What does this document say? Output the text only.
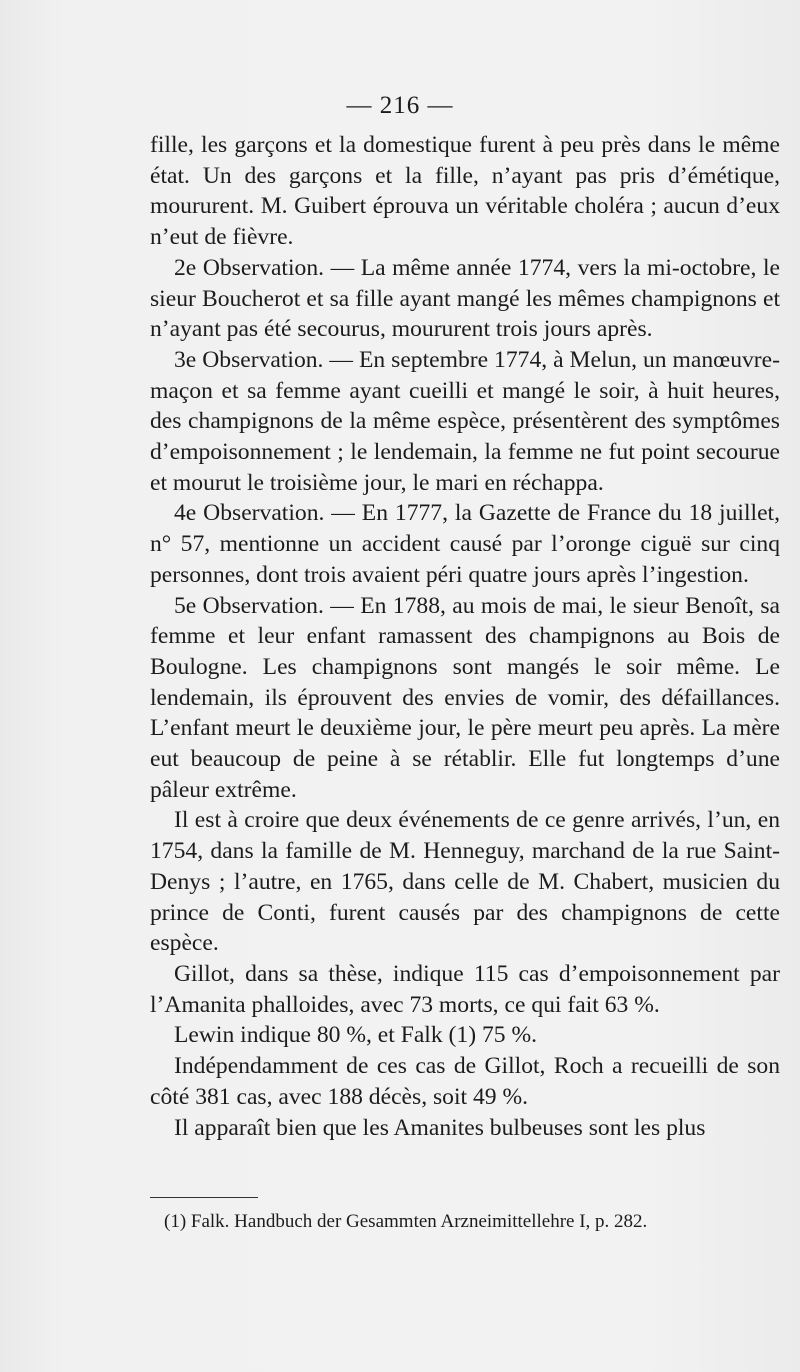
— 216 —

fille, les garçons et la domestique furent à peu près dans le même état. Un des garçons et la fille, n’ayant pas pris d’émétique, moururent. M. Guibert éprouva un véritable choléra ; aucun d’eux n’eut de fièvre.

2e Observation. — La même année 1774, vers la mi-octobre, le sieur Boucherot et sa fille ayant mangé les mêmes champignons et n’ayant pas été secourus, moururent trois jours après.

3e Observation. — En septembre 1774, à Melun, un manœuvre-maçon et sa femme ayant cueilli et mangé le soir, à huit heures, des champignons de la même espèce, présentèrent des symptômes d’empoisonnement ; le lendemain, la femme ne fut point secourue et mourut le troisième jour, le mari en réchappa.

4e Observation. — En 1777, la Gazette de France du 18 juillet, n° 57, mentionne un accident causé par l’oronge ciguë sur cinq personnes, dont trois avaient péri quatre jours après l’ingestion.

5e Observation. — En 1788, au mois de mai, le sieur Benoît, sa femme et leur enfant ramassent des champignons au Bois de Boulogne. Les champignons sont mangés le soir même. Le lendemain, ils éprouvent des envies de vomir, des défaillances. L’enfant meurt le deuxième jour, le père meurt peu après. La mère eut beaucoup de peine à se rétablir. Elle fut longtemps d’une pâleur extrême.

Il est à croire que deux événements de ce genre arrivés, l’un, en 1754, dans la famille de M. Henneguy, marchand de la rue Saint-Denys ; l’autre, en 1765, dans celle de M. Chabert, musicien du prince de Conti, furent causés par des champignons de cette espèce.

Gillot, dans sa thèse, indique 115 cas d’empoisonnement par l’Amanita phalloides, avec 73 morts, ce qui fait 63 %.

Lewin indique 80 %, et Falk (1) 75 %.

Indépendamment de ces cas de Gillot, Roch a recueilli de son côté 381 cas, avec 188 décès, soit 49 %.

Il apparaît bien que les Amanites bulbeuses sont les plus

(1) Falk. Handbuch der Gesammten Arzneimittellehre I, p. 282.
